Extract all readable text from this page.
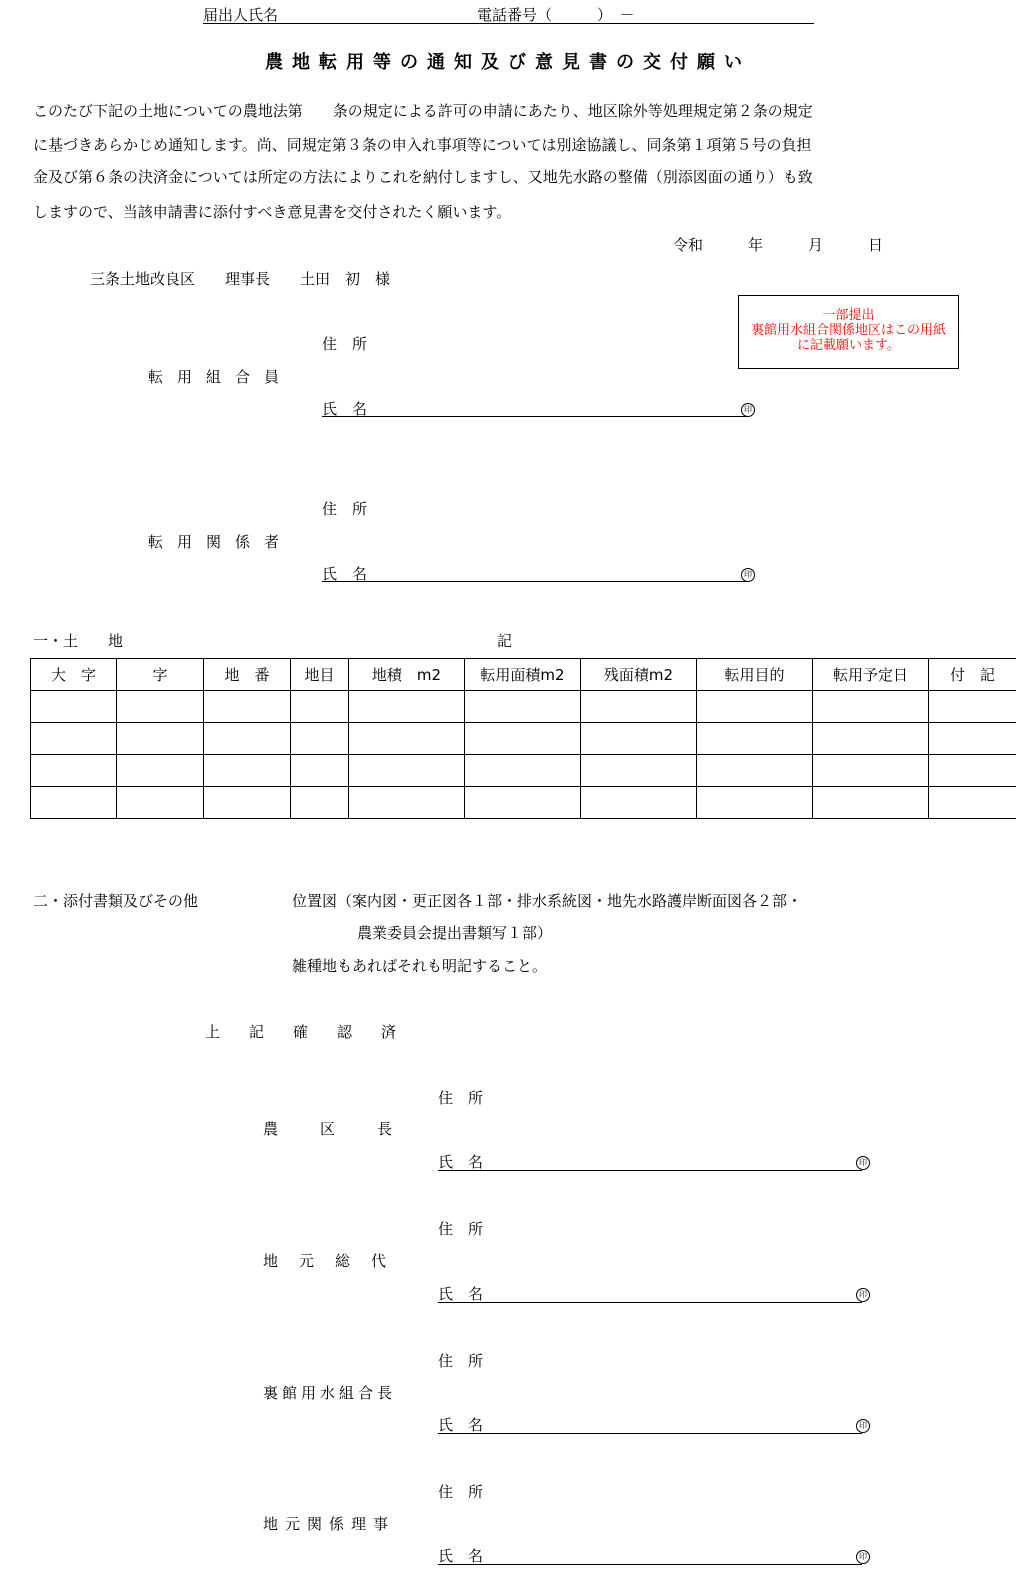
届出人氏名	電話番号（　　　）　－
農地転用等の通知及び意見書の交付願い
このたび下記の土地についての農地法第　　条の規定による許可の申請にあたり、地区除外等処理規定第２条の規定
に基づきあらかじめ通知します。尚、同規定第３条の申入れ事項等については別途協議し、同条第１項第５号の負担
金及び第６条の決済金については所定の方法によりこれを納付しますし、又地先水路の整備（別添図面の通り）も致
しますので、当該申請書に添付すべき意見書を交付されたく願います。
令和　　　年　　　月　　　日
三条土地改良区　　理事長　　土田　初　様
一部提出
裏館用水組合関係地区はこの用紙
に記載願います。
住　所
転用組合員
氏　名	印
住　所
転用関係者
氏　名	印
一・土　　地	記
大　字	字	地　番	地目	地積　m2	転用面積m2	残面積m2	転用目的	転用予定日	付　記

二・添付書類及びその他	位置図（案内図・更正図各１部・排水系統図・地先水路護岸断面図各２部・
農業委員会提出書類写１部）
雑種地もあればそれも明記すること。
上記確認済
住　所
農区長
氏　名	印
住　所
地元総代
氏　名	印
住　所
裏館用水組合長
氏　名	印
住　所
地元関係理事
氏　名	印
